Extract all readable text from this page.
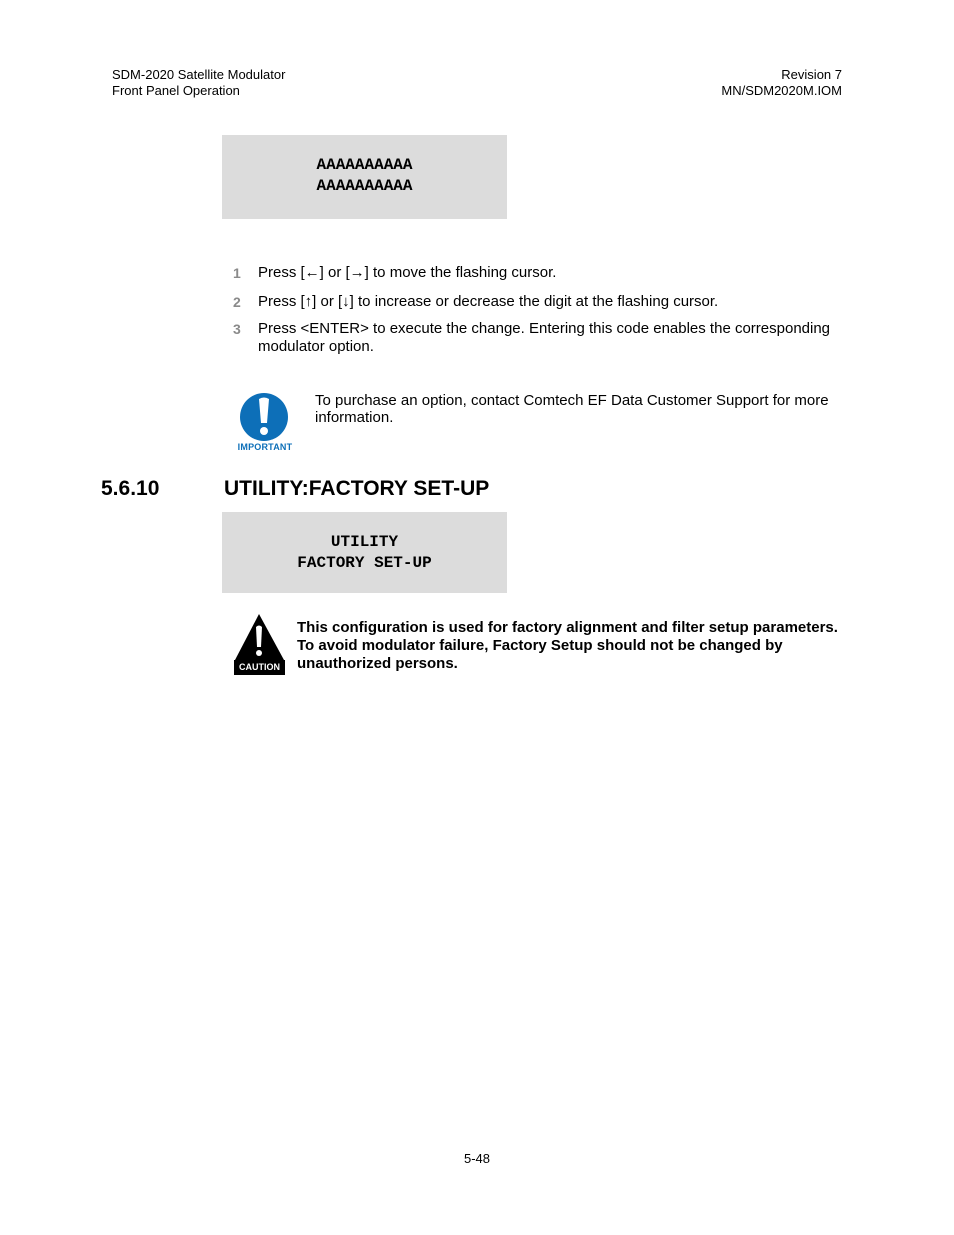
SDM-2020 Satellite Modulator
Front Panel Operation
Revision 7
MN/SDM2020M.IOM
AAAAAAAAAA
AAAAAAAAAA
1 Press [←] or [→] to move the flashing cursor.
2 Press [↑] or [↓] to increase or decrease the digit at the flashing cursor.
3 Press <ENTER> to execute the change. Entering this code enables the corresponding modulator option.
IMPORTANT
To purchase an option, contact Comtech EF Data Customer Support for more information.
5.6.10	UTILITY:FACTORY SET-UP
UTILITY
FACTORY SET-UP
CAUTION
This configuration is used for factory alignment and filter setup parameters. To avoid modulator failure, Factory Setup should not be changed by unauthorized persons.
5-48
